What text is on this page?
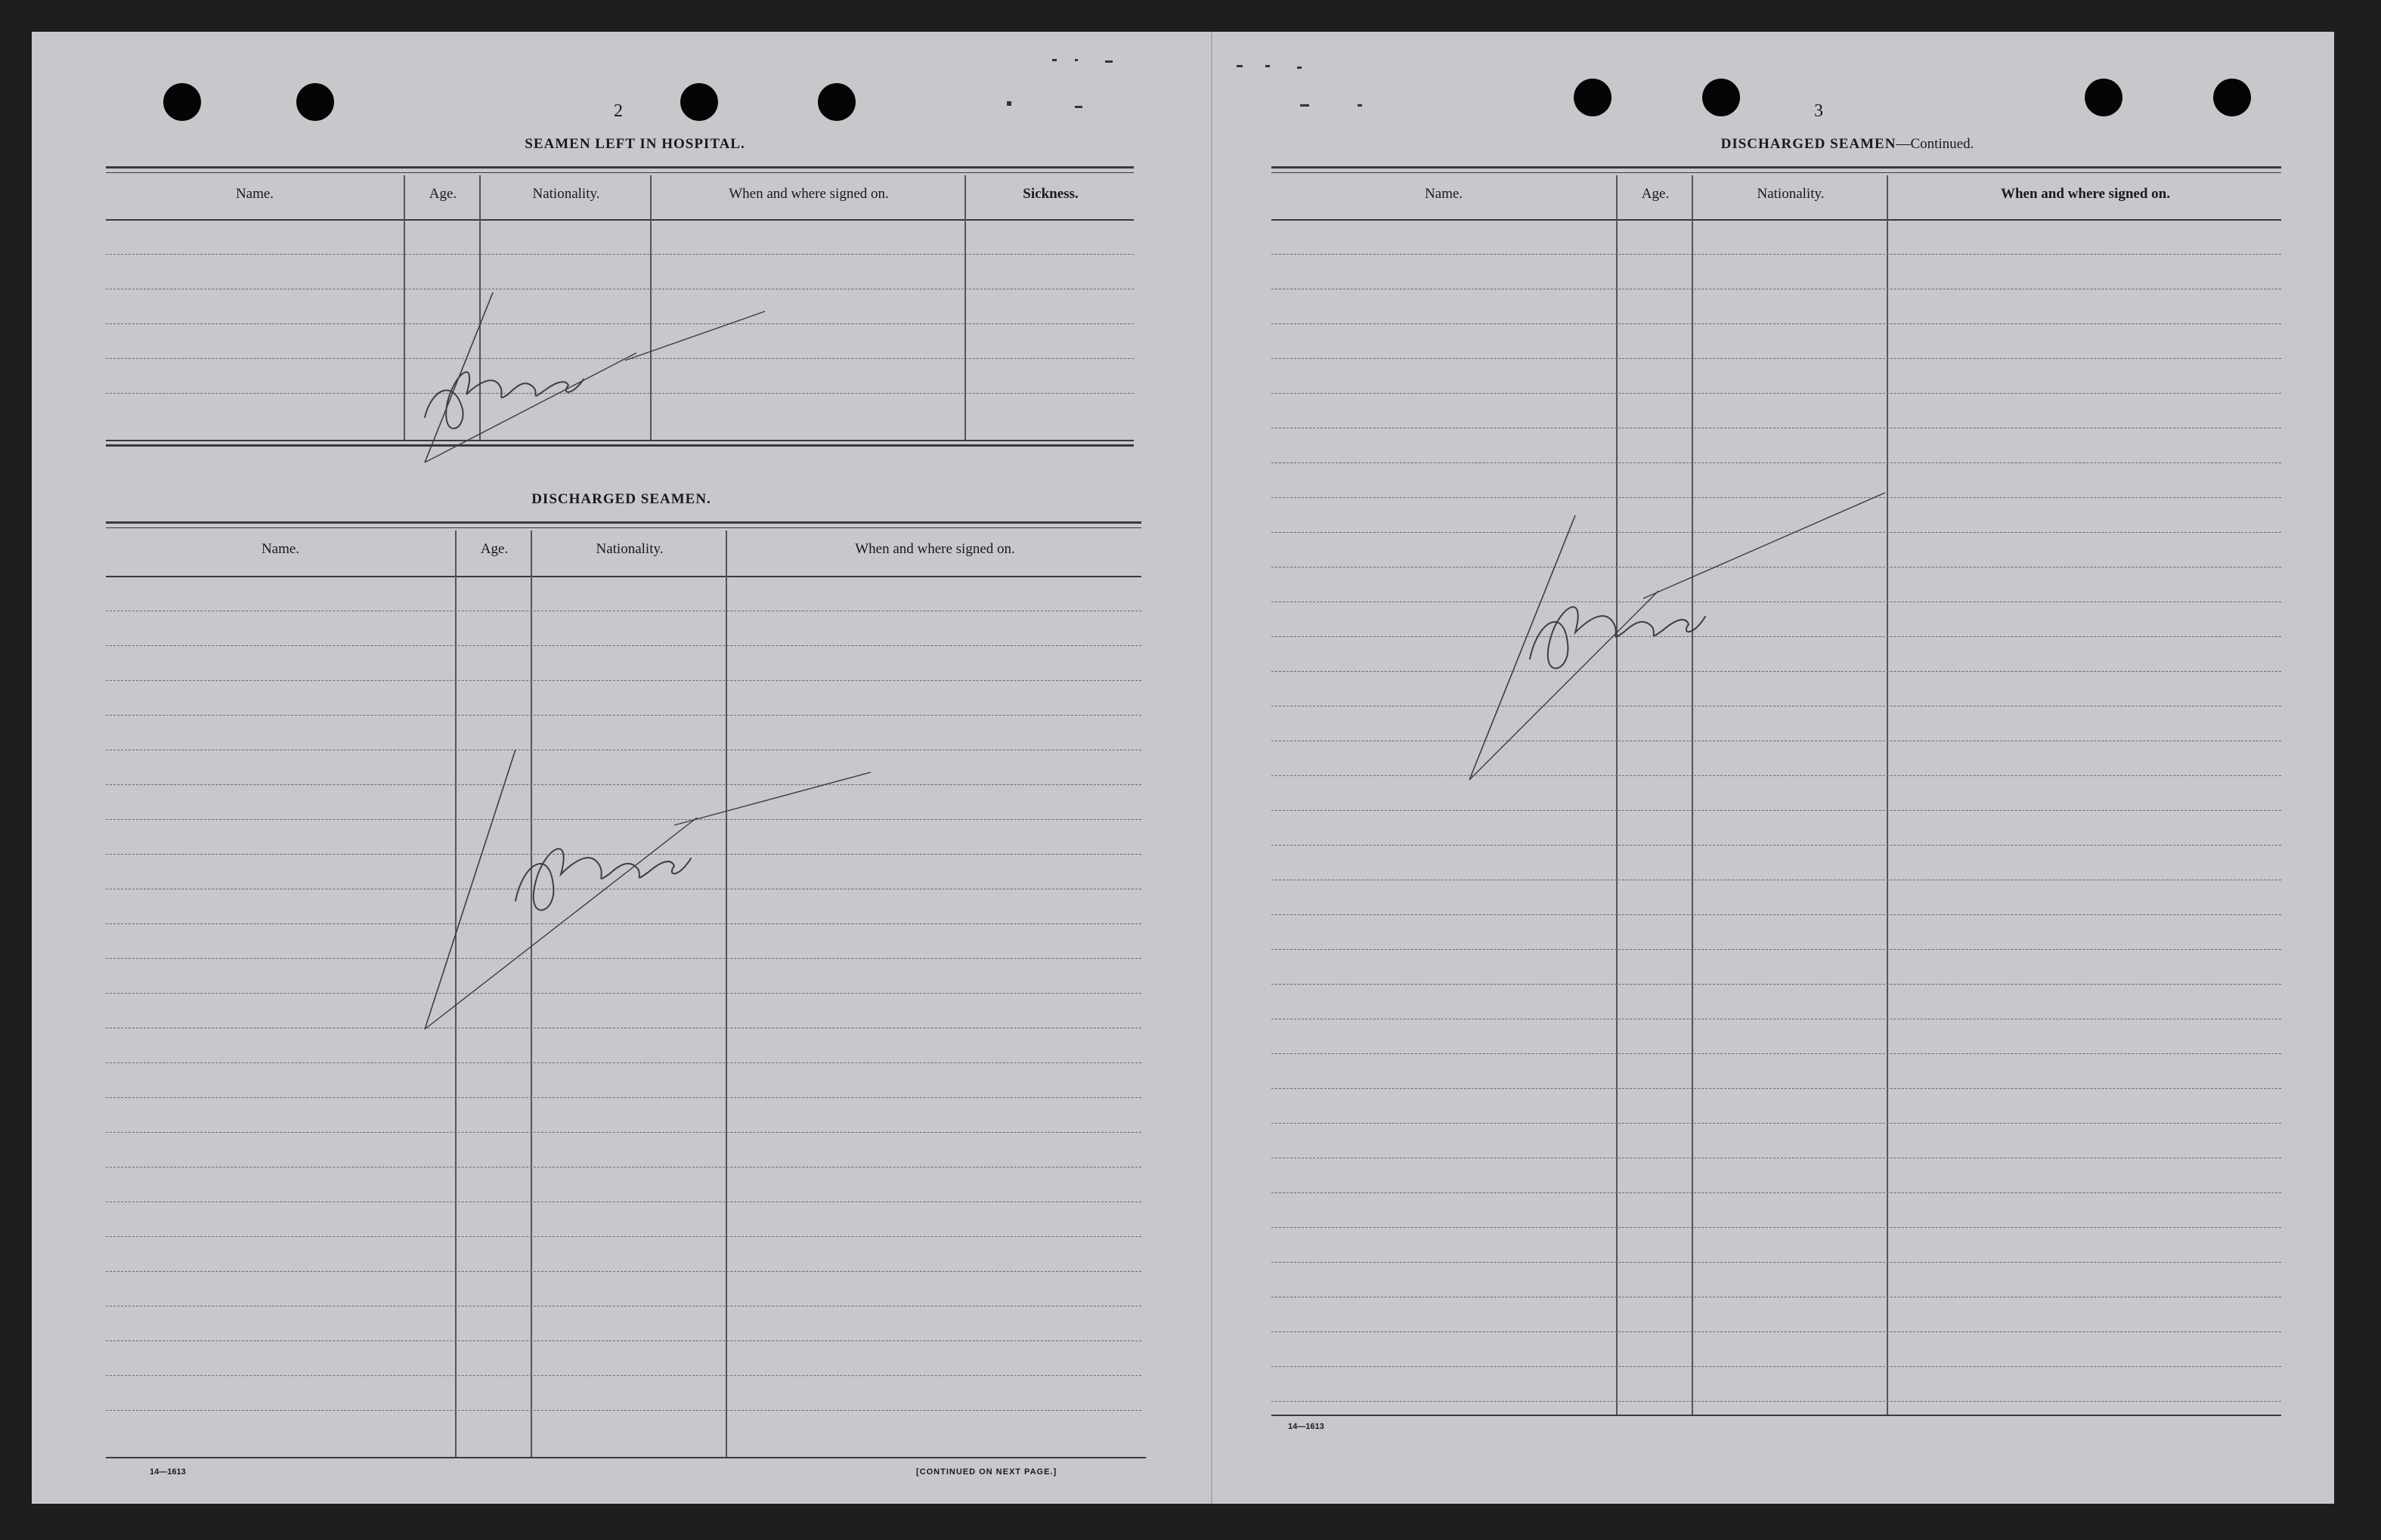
2
SEAMEN LEFT IN HOSPITAL.
Name.	Age.	Nationality.	When and where signed on.	Sickness.
DISCHARGED SEAMEN.
Name.	Age.	Nationality.	When and where signed on.
14—1613	[CONTINUED ON NEXT PAGE.]
3
DISCHARGED SEAMEN—Continued.
Name.	Age.	Nationality.	When and where signed on.
14—1613
